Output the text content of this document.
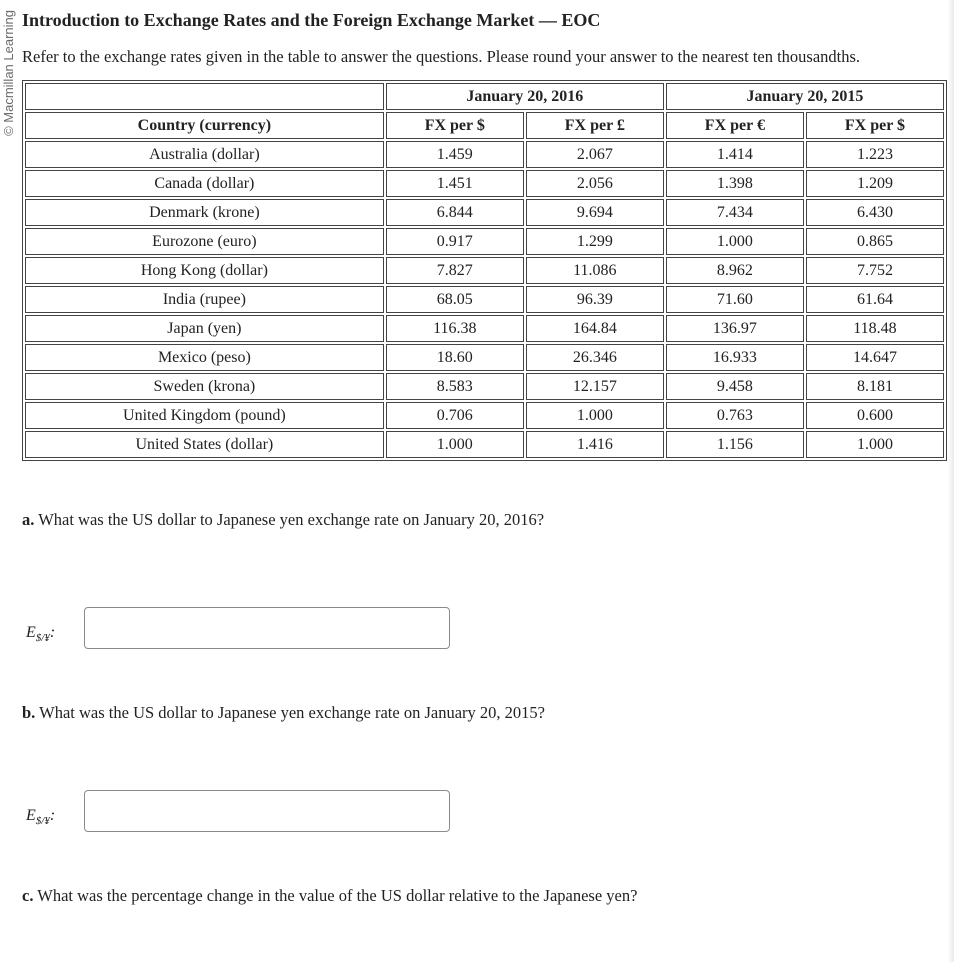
© Macmillan Learning Introduction to Exchange Rates and the Foreign Exchange Market — EOC
Refer to the exchange rates given in the table to answer the questions. Please round your answer to the nearest ten thousandths.
	January 20, 2016		January 20, 2015	
Country (currency)	FX per $	FX per £	FX per €	FX per $
Australia (dollar)	1.459	2.067	1.414	1.223
Canada (dollar)	1.451	2.056	1.398	1.209
Denmark (krone)	6.844	9.694	7.434	6.430
Eurozone (euro)	0.917	1.299	1.000	0.865
Hong Kong (dollar)	7.827	11.086	8.962	7.752
India (rupee)	68.05	96.39	71.60	61.64
Japan (yen)	116.38	164.84	136.97	118.48
Mexico (peso)	18.60	26.346	16.933	14.647
Sweden (krona)	8.583	12.157	9.458	8.181
United Kingdom (pound)	0.706	1.000	0.763	0.600
United States (dollar)	1.000	1.416	1.156	1.000
a. What was the US dollar to Japanese yen exchange rate on January 20, 2016?
$E_{\$/¥}$:
b. What was the US dollar to Japanese yen exchange rate on January 20, 2015?
$E_{\$/¥}$:
c. What was the percentage change in the value of the US dollar relative to the Japanese yen?
